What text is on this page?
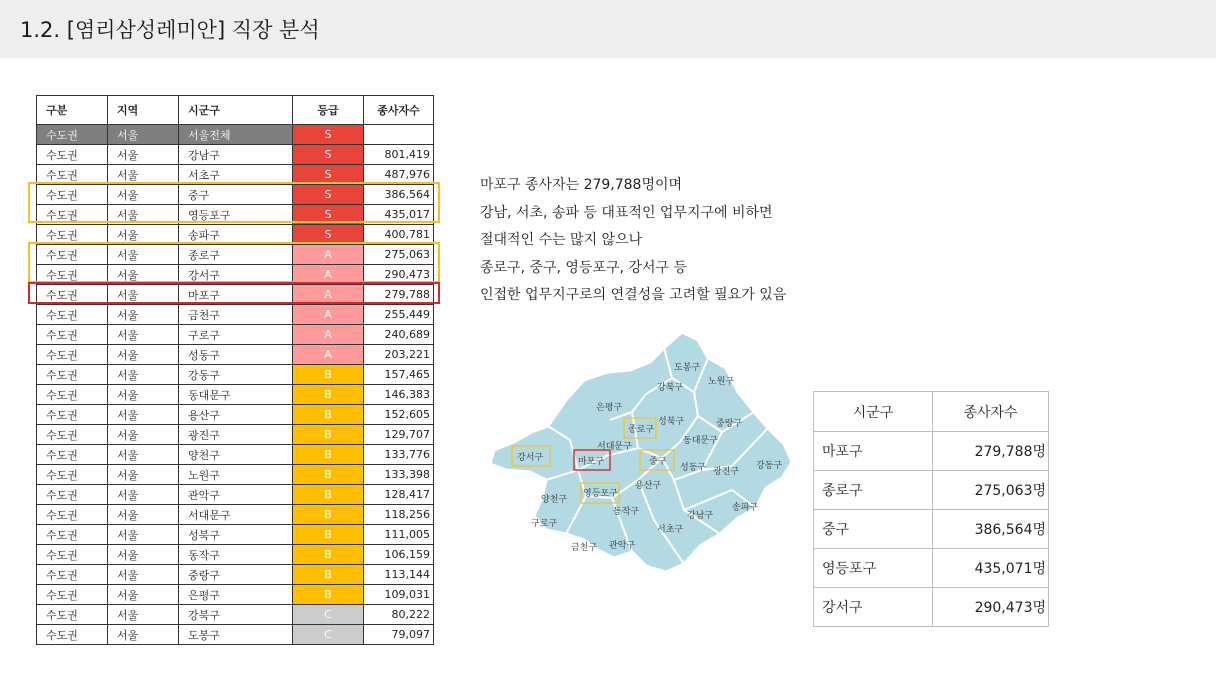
1.2. [염리삼성레미안] 직장 분석
구분	지역	시군구	등급	종사자수
수도권	서울	서울전체	S	
수도권	서울	강남구	S	801,419
수도권	서울	서초구	S	487,976
수도권	서울	중구	S	386,564
수도권	서울	영등포구	S	435,017
수도권	서울	송파구	S	400,781
수도권	서울	종로구	A	275,063
수도권	서울	강서구	A	290,473
수도권	서울	마포구	A	279,788
수도권	서울	금천구	A	255,449
수도권	서울	구로구	A	240,689
수도권	서울	성동구	A	203,221
수도권	서울	강동구	B	157,465
수도권	서울	동대문구	B	146,383
수도권	서울	용산구	B	152,605
수도권	서울	광진구	B	129,707
수도권	서울	양천구	B	133,776
수도권	서울	노원구	B	133,398
수도권	서울	관악구	B	128,417
수도권	서울	서대문구	B	118,256
수도권	서울	성북구	B	111,005
수도권	서울	동작구	B	106,159
수도권	서울	중랑구	B	113,144
수도권	서울	은평구	B	109,031
수도권	서울	강북구	C	80,222
수도권	서울	도봉구	C	79,097
마포구 종사자는 279,788명이며
강남, 서초, 송파 등 대표적인 업무지구에 비하면
절대적인 수는 많지 않으나
종로구, 중구, 영등포구, 강서구 등
인접한 업무지구로의 연결성을 고려할 필요가 있음
도봉구
강북구
노원구
은평구
성북구
종로구
중랑구
서대문구
동대문구
강서구	마포구	중구
성동구 광진구
강동구
양천구
영등포구
용산구
구로구
동작구	송파구
강남구
서초구
금천구 관악구
시군구	종사자수
마포구	279,788명
종로구	275,063명
중구	386,564명
영등포구	435,071명
강서구	290,473명
